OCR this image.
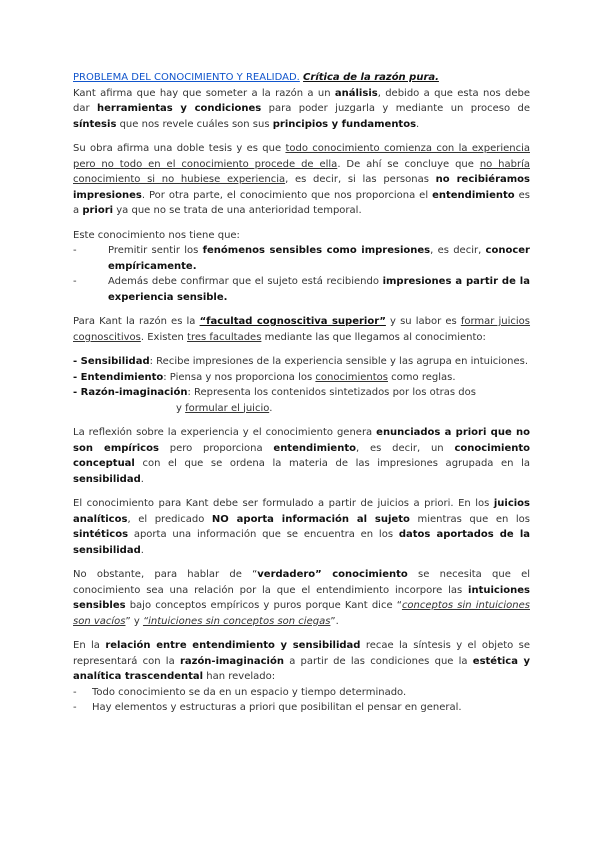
PROBLEMA DEL CONOCIMIENTO Y REALIDAD. Crítica de la razón pura.

Kant afirma que hay que someter a la razón a un análisis, debido a que esta nos debe dar herramientas y condiciones para poder juzgarla y mediante un proceso de síntesis que nos revele cuáles son sus principios y fundamentos.

Su obra afirma una doble tesis y es que todo conocimiento comienza con la experiencia pero no todo en el conocimiento procede de ella. De ahí se concluye que no habría conocimiento si no hubiese experiencia, es decir, si las personas no recibiéramos impresiones. Por otra parte, el conocimiento que nos proporciona el entendimiento es a priori ya que no se trata de una anterioridad temporal.

Este conocimiento nos tiene que:

-	Premitir sentir los fenómenos sensibles como impresiones, es decir, conocer empíricamente.
-	Además debe confirmar que el sujeto está recibiendo impresiones a partir de la experiencia sensible.

Para Kant la razón es la “facultad cognoscitiva superior” y su labor es formar juicios cognoscitivos. Existen tres facultades mediante las que llegamos al conocimiento:

- Sensibilidad: Recibe impresiones de la experiencia sensible y las agrupa en intuiciones.
- Entendimiento: Piensa y nos proporciona los conocimientos como reglas.
- Razón-imaginación: Representa los contenidos sintetizados por los otras dos
y formular el juicio.

La reflexión sobre la experiencia y el conocimiento genera enunciados a priori que no son empíricos pero proporciona entendimiento, es decir, un conocimiento conceptual con el que se ordena la materia de las impresiones agrupada en la sensibilidad.

El conocimiento para Kant debe ser formulado a partir de juicios a priori. En los juicios analíticos, el predicado NO aporta información al sujeto mientras que en los sintéticos aporta una información que se encuentra en los datos aportados de la sensibilidad.

No obstante, para hablar de “verdadero” conocimiento se necesita que el conocimiento sea una relación por la que el entendimiento incorpore las intuiciones sensibles bajo conceptos empíricos y puros porque Kant dice “conceptos sin intuiciones son vacíos” y “intuiciones sin conceptos son ciegas”.

En la relación entre entendimiento y sensibilidad recae la síntesis y el objeto se representará con la razón-imaginación a partir de las condiciones que la estética y analítica trascendental han revelado:

- Todo conocimiento se da en un espacio y tiempo determinado.
- Hay elementos y estructuras a priori que posibilitan el pensar en general.
